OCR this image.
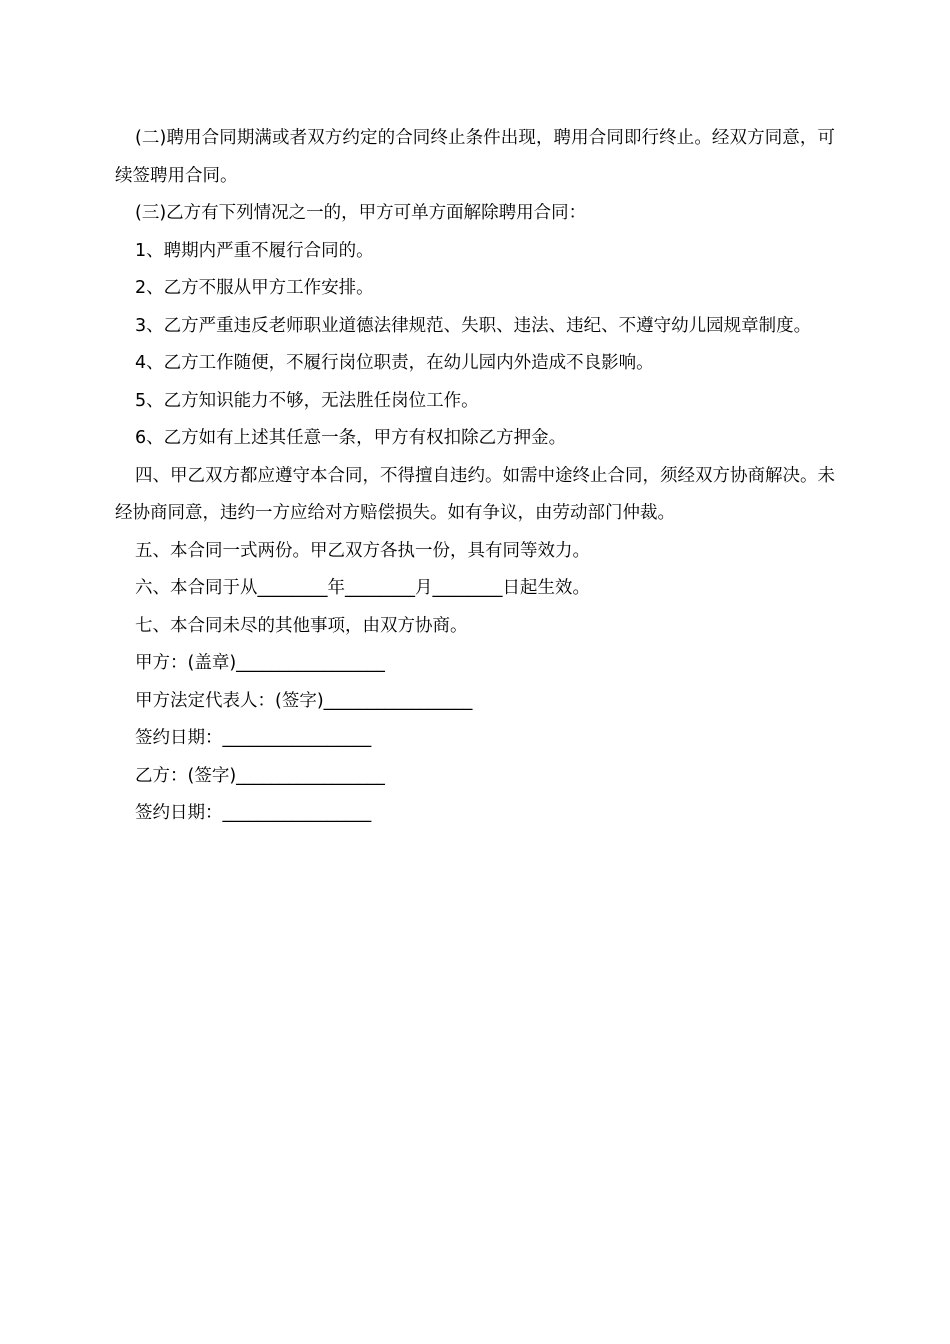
(二)聘用合同期满或者双方约定的合同终止条件出现，聘用合同即行终止。经双方同意，可续签聘用合同。

(三)乙方有下列情况之一的，甲方可单方面解除聘用合同：

1、聘期内严重不履行合同的。

2、乙方不服从甲方工作安排。

3、乙方严重违反老师职业道德法律规范、失职、违法、违纪、不遵守幼儿园规章制度。

4、乙方工作随便，不履行岗位职责，在幼儿园内外造成不良影响。

5、乙方知识能力不够，无法胜任岗位工作。

6、乙方如有上述其任意一条，甲方有权扣除乙方押金。

四、甲乙双方都应遵守本合同，不得擅自违约。如需中途终止合同，须经双方协商解决。未经协商同意，违约一方应给对方赔偿损失。如有争议，由劳动部门仲裁。

五、本合同一式两份。甲乙双方各执一份，具有同等效力。

六、本合同于从________年________月________日起生效。

七、本合同未尽的其他事项，由双方协商。

甲方：(盖章)_________________

甲方法定代表人：(签字)_________________

签约日期：_________________

乙方：(签字)_________________

签约日期：_________________
